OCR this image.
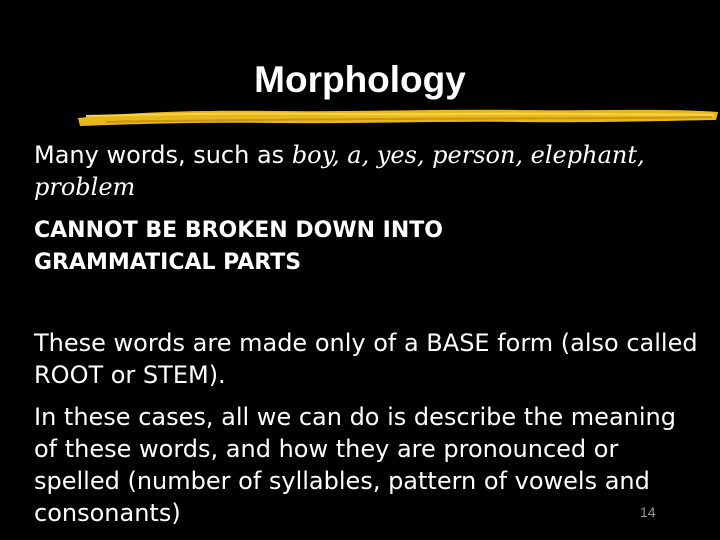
Morphology

Many words, such as boy, a, yes, person, elephant, problem

CANNOT BE BROKEN DOWN INTO
GRAMMATICAL PARTS

These words are made only of a BASE form (also called ROOT or STEM).

In these cases, all we can do is describe the meaning of these words, and how they are pronounced or spelled (number of syllables, pattern of vowels and consonants)	14
